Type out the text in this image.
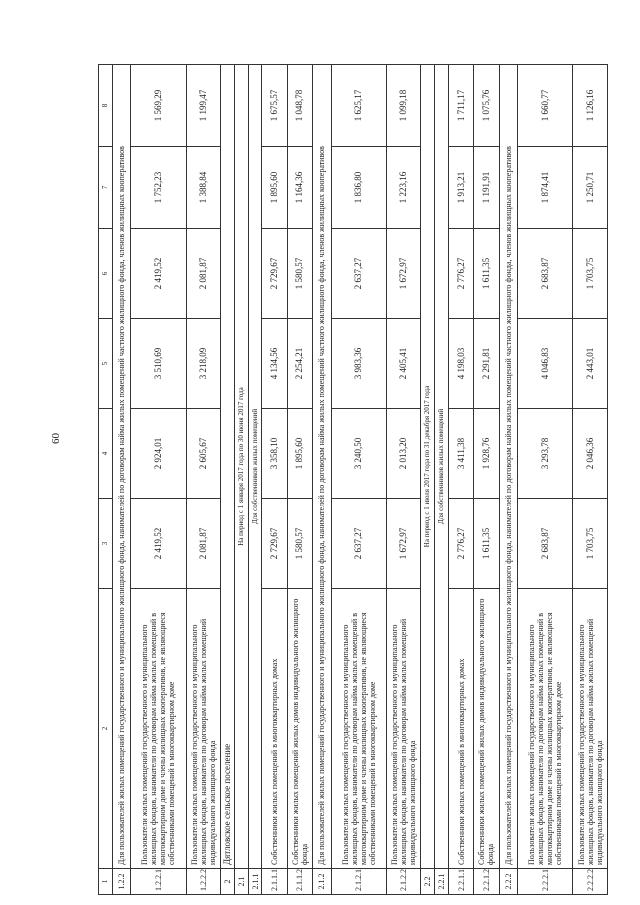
60
1	2	3	4	5	6	7	8
1.2.2	Для пользователей жилых помещений государственного и муниципального жилищного фонда, нанимателей по договорам найма жилых помещений частного жилищного фонда, членов жилищных кооперативов						
1.2.2.1	Пользователи жилых помещений государственного и муниципального жилищных фондов, наниматели по договорам найма жилых помещений в многоквартирном доме и члены жилищных кооперативов, не являющиеся собственниками помещений в многоквартирном доме	2 419,52	2 924,01	3 510,69	2 419,52	1 752,23	1 569,29
1.2.2.2	Пользователи жилых помещений государственного и муниципального жилищных фондов, наниматели по договорам найма жилых помещений индивидуального жилищного фонда	2 081,87	2 605,67	3 218,09	2 081,87	1 388,84	1 199,47
2	Дятловское сельское поселение						
2.1	На период с 1 января 2017 года по 30 июня 2017 года						
2.1.1	Для собственников жилых помещений						
2.1.1.1	Собственники жилых помещений в многоквартирных домах	2 729,67	3 358,10	4 134,56	2 729,67	1 895,60	1 675,57
2.1.1.2	Собственники жилых помещений жилых домов индивидуального жилищного фонда	1 580,57	1 895,60	2 254,21	1 580,57	1 164,36	1 048,78
2.1.2	Для пользователей жилых помещений государственного и муниципального жилищного фонда, нанимателей по договорам найма жилых помещений частного жилищного фонда, членов жилищных кооперативов						
2.1.2.1	Пользователи жилых помещений государственного и муниципального жилищных фондов, наниматели по договорам найма жилых помещений в многоквартирном доме и члены жилищных кооперативов, не являющиеся собственниками помещений в многоквартирном доме	2 637,27	3 240,50	3 983,36	2 637,27	1 836,80	1 625,17
2.1.2.2	Пользователи жилых помещений государственного и муниципального жилищных фондов, наниматели по договорам найма жилых помещений индивидуального жилищного фонда	1 672,97	2 013,20	2 405,41	1 672,97	1 223,16	1 099,18
2.2	На период с 1 июля 2017 года по 31 декабря 2017 года						
2.2.1	Для собственников жилых помещений						
2.2.1.1	Собственники жилых помещений в многоквартирных домах	2 776,27	3 411,38	4 198,03	2 776,27	1 913,21	1 711,17
2.2.1.2	Собственники жилых помещений жилых домов индивидуального жилищного фонда	1 611,35	1 928,76	2 291,81	1 611,35	1 191,91	1 075,76
2.2.2	Для пользователей жилых помещений государственного и муниципального жилищного фонда, нанимателей по договорам найма жилых помещений частного жилищного фонда, членов жилищных кооперативов						
2.2.2.1	Пользователи жилых помещений государственного и муниципального жилищных фондов, наниматели по договорам найма жилых помещений в многоквартирном доме и члены жилищных кооперативов, не являющиеся собственниками помещений в многоквартирном доме	2 683,87	3 293,78	4 046,83	2 683,87	1 874,41	1 660,77
2.2.2.2	Пользователи жилых помещений государственного и муниципального жилищных фондов, наниматели по договорам найма жилых помещений индивидуального жилищного фонда	1 703,75	2 046,36	2 443,01	1 703,75	1 250,71	1 126,16
